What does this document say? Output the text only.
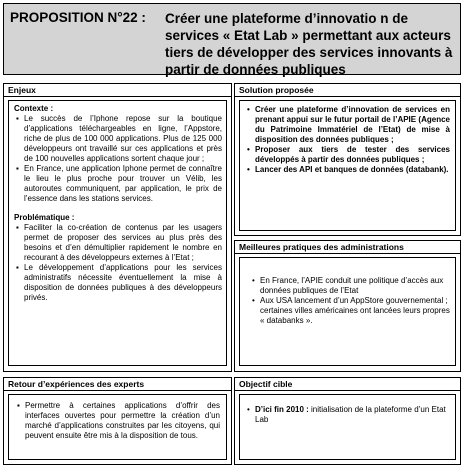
PROPOSITION N°22 : Créer une plateforme d’innovatio n de services « Etat Lab » permettant aux acteurs tiers de développer des services innovants à partir de données publiques
Enjeux

Contexte :

▪ Le succès de l’Iphone repose sur la boutique d’applications téléchargeables en ligne, l’Appstore, riche de plus de 100 000 applications. Plus de 125 000 développeurs ont travaillé sur ces applications et près de 100 nouvelles applications sortent chaque jour ;
▪ En France, une application Iphone permet de connaître le lieu le plus proche pour trouver un Vélib, les autoroutes communiquent, par application, le prix de l’essence dans les stations services.

Problématique :

▪ Faciliter la co-création de contenus par les usagers permet de proposer des services au plus près des besoins et d’en démultiplier rapidement le nombre en recourant à des développeurs externes à l’Etat ;
▪ Le développement d’applications pour les services administratifs nécessite éventuellement la mise à disposition de données publiques à des développeurs privés.
Solution proposée
• Créer une plateforme d’innovation de services en prenant appui sur le futur portail de l’APIE (Agence du Patrimoine Immatériel de l’Etat) de mise à disposition des données publiques ;
• Proposer aux tiers de tester des services développés à partir des données publiques ;
• Lancer des API et banques de données (databank).
Meilleures pratiques des administrations
• En France, l’APIE conduit une politique d’accès aux données publiques de l’Etat
• Aux USA lancement d’un AppStore gouvernemental ; certaines villes américaines ont lancées leurs propres « databanks ».
Retour d’expériences des experts
▪ Permettre à certaines applications d’offrir des interfaces ouvertes pour permettre la création d’un marché d’applications construites par les citoyens, qui peuvent ensuite être mis à la disposition de tous.
Objectif cible
• D’ici fin 2010 : initialisation de la plateforme d’un Etat Lab
